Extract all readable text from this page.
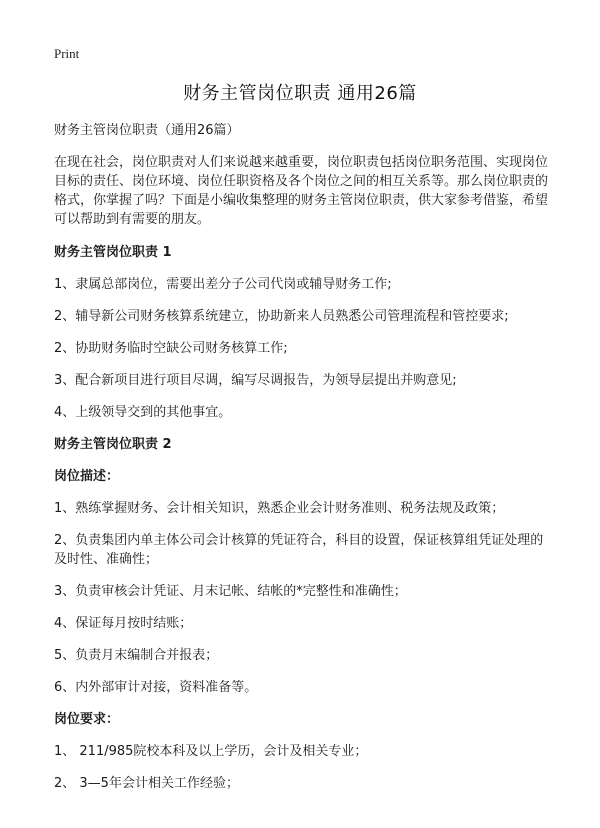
Print
财务主管岗位职责 通用26篇

财务主管岗位职责（通用26篇）

在现在社会，岗位职责对人们来说越来越重要，岗位职责包括岗位职务范围、实现岗位目标的责任、岗位环境、岗位任职资格及各个岗位之间的相互关系等。那么岗位职责的格式，你掌握了吗？下面是小编收集整理的财务主管岗位职责，供大家参考借鉴，希望可以帮助到有需要的朋友。

财务主管岗位职责 1

1、隶属总部岗位，需要出差分子公司代岗或辅导财务工作;

2、辅导新公司财务核算系统建立，协助新来人员熟悉公司管理流程和管控要求;

2、协助财务临时空缺公司财务核算工作;

3、配合新项目进行项目尽调，编写尽调报告，为领导层提出并购意见;

4、上级领导交到的其他事宜。

财务主管岗位职责 2

岗位描述：

1、熟练掌握财务、会计相关知识，熟悉企业会计财务准则、税务法规及政策；

2、负责集团内单主体公司会计核算的凭证符合，科目的设置，保证核算组凭证处理的及时性、准确性；

3、负责审核会计凭证、月末记帐、结帐的*完整性和准确性；

4、保证每月按时结账；

5、负责月末编制合并报表；

6、内外部审计对接，资料准备等。

岗位要求：

1、 211/985院校本科及以上学历，会计及相关专业；

2、 3—5年会计相关工作经验；
